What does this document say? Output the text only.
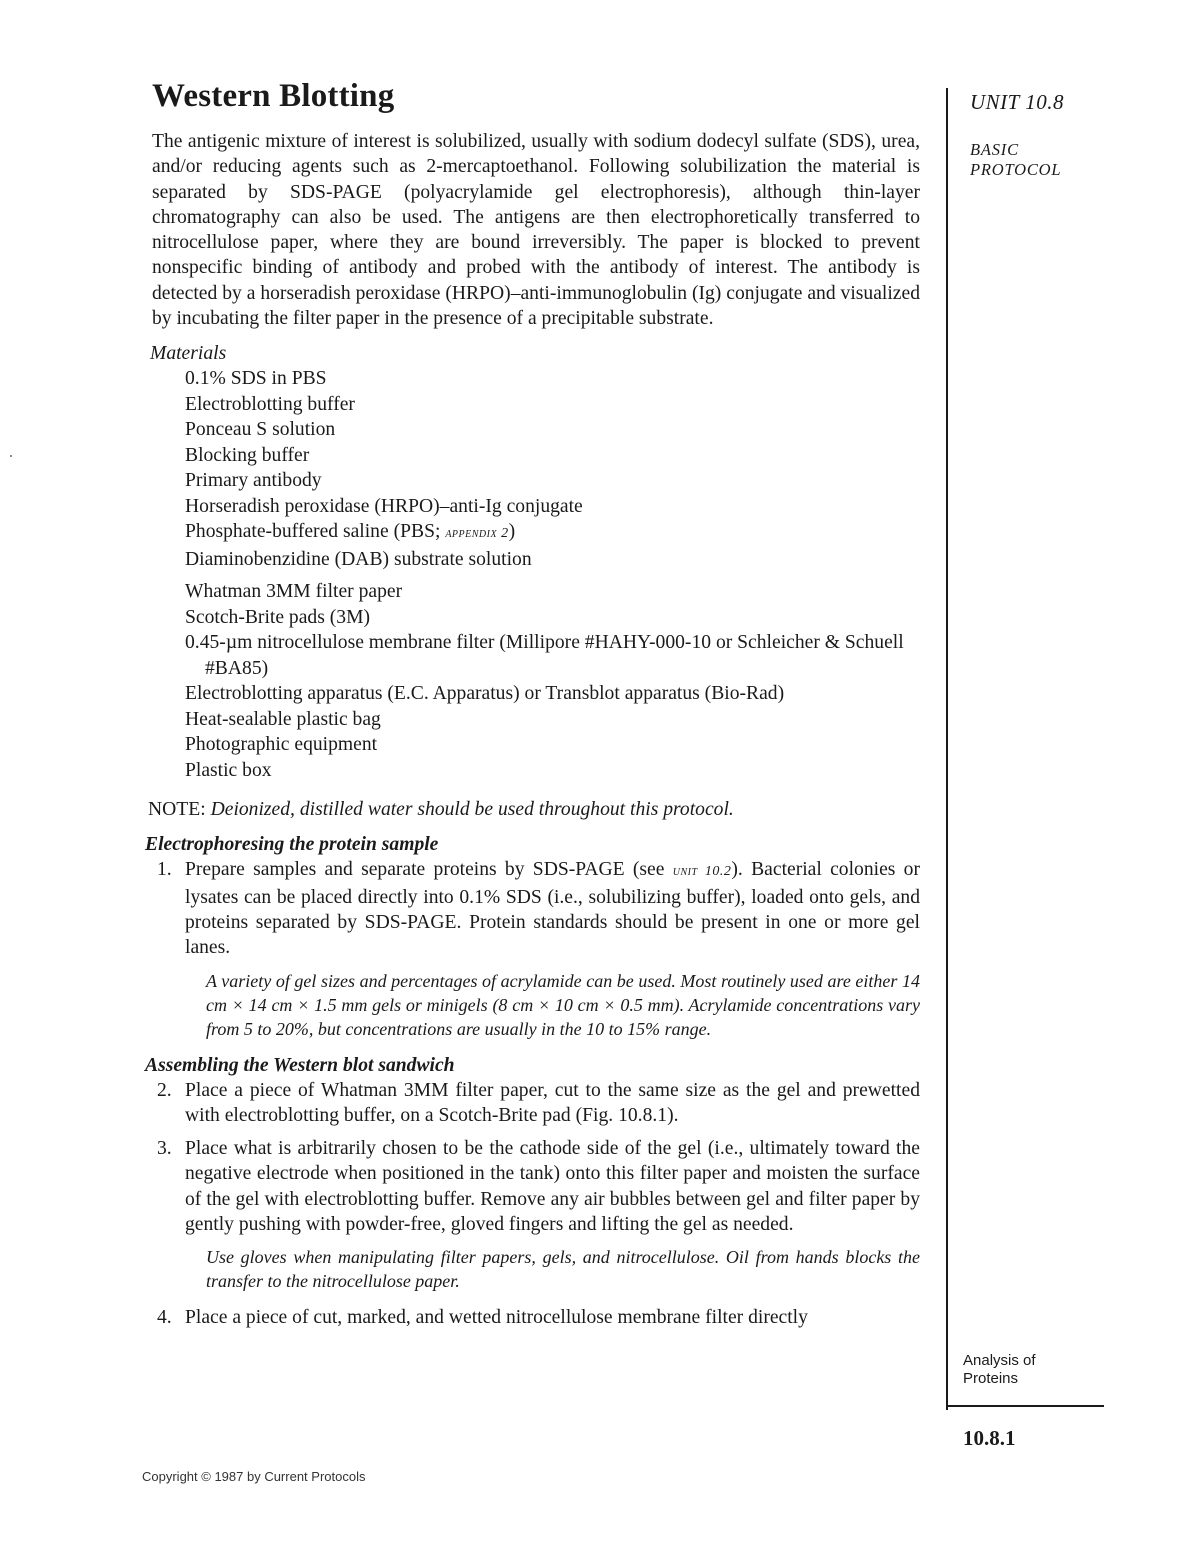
Western Blotting

The antigenic mixture of interest is solubilized, usually with sodium dodecyl sulfate (SDS), urea, and/or reducing agents such as 2-mercaptoethanol. Following solubilization the material is separated by SDS-PAGE (polyacrylamide gel electrophoresis), although thin-layer chromatography can also be used. The antigens are then electrophoretically transferred to nitrocellulose paper, where they are bound irreversibly. The paper is blocked to prevent nonspecific binding of antibody and probed with the antibody of interest. The antibody is detected by a horseradish peroxidase (HRPO)–anti-immunoglobulin (Ig) conjugate and visualized by incubating the filter paper in the presence of a precipitable substrate.

Materials
0.1% SDS in PBS
Electroblotting buffer
Ponceau S solution
Blocking buffer
Primary antibody
Horseradish peroxidase (HRPO)–anti-Ig conjugate
Phosphate-buffered saline (PBS; appendix 2)
Diaminobenzidine (DAB) substrate solution
Whatman 3MM filter paper
Scotch-Brite pads (3M)
0.45-µm nitrocellulose membrane filter (Millipore #HAHY-000-10 or Schleicher & Schuell #BA85)
Electroblotting apparatus (E.C. Apparatus) or Transblot apparatus (Bio-Rad)
Heat-sealable plastic bag
Photographic equipment
Plastic box

NOTE: Deionized, distilled water should be used throughout this protocol.

Electrophoresing the protein sample
1. Prepare samples and separate proteins by SDS-PAGE (see unit 10.2). Bacterial colonies or lysates can be placed directly into 0.1% SDS (i.e., solubilizing buffer), loaded onto gels, and proteins separated by SDS-PAGE. Protein standards should be present in one or more gel lanes.

A variety of gel sizes and percentages of acrylamide can be used. Most routinely used are either 14 cm × 14 cm × 1.5 mm gels or minigels (8 cm × 10 cm × 0.5 mm). Acrylamide concentrations vary from 5 to 20%, but concentrations are usually in the 10 to 15% range.

Assembling the Western blot sandwich
2. Place a piece of Whatman 3MM filter paper, cut to the same size as the gel and prewetted with electroblotting buffer, on a Scotch-Brite pad (Fig. 10.8.1).
3. Place what is arbitrarily chosen to be the cathode side of the gel (i.e., ultimately toward the negative electrode when positioned in the tank) onto this filter paper and moisten the surface of the gel with electroblotting buffer. Remove any air bubbles between gel and filter paper by gently pushing with powder-free, gloved fingers and lifting the gel as needed.

Use gloves when manipulating filter papers, gels, and nitrocellulose. Oil from hands blocks the transfer to the nitrocellulose paper.

4. Place a piece of cut, marked, and wetted nitrocellulose membrane filter directly
UNIT 10.8
BASIC
PROTOCOL
Analysis of
Proteins
10.8.1
Copyright © 1987 by Current Protocols
